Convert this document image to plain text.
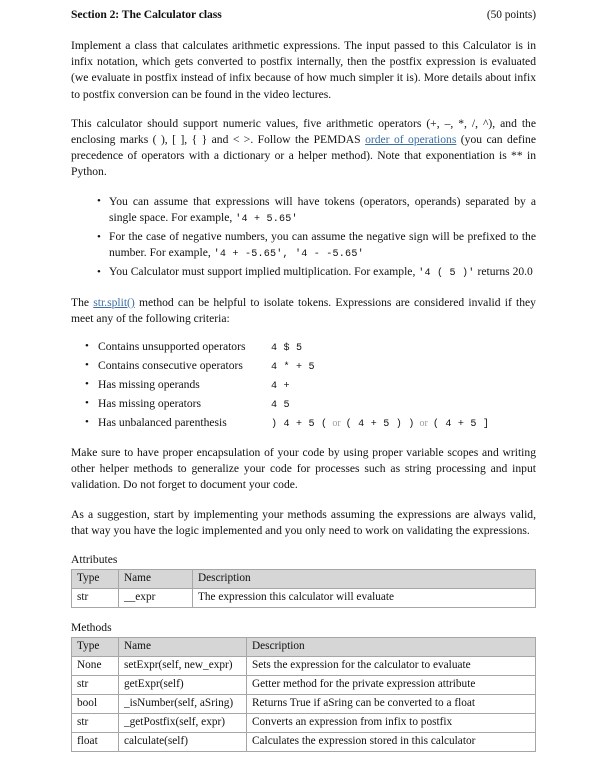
Section 2: The Calculator class	(50 points)

Implement a class that calculates arithmetic expressions. The input passed to this Calculator is in infix notation, which gets converted to postfix internally, then the postfix expression is evaluated (we evaluate in postfix instead of infix because of how much simpler it is). More details about infix to postfix conversion can be found in the video lectures.

This calculator should support numeric values, five arithmetic operators (+, –, *, /, ^), and the enclosing marks ( ), [ ], { } and < >. Follow the PEMDAS order of operations (you can define precedence of operators with a dictionary or a helper method). Note that exponentiation is ** in Python.

• You can assume that expressions will have tokens (operators, operands) separated by a single space. For example, '4 + 5.65'
• For the case of negative numbers, you can assume the negative sign will be prefixed to the number. For example, '4 + -5.65', '4 - -5.65'
• You Calculator must support implied multiplication. For example, '4 ( 5 )' returns 20.0

The str.split() method can be helpful to isolate tokens. Expressions are considered invalid if they meet any of the following criteria:

• Contains unsupported operators	4 $ 5
• Contains consecutive operators	4 * + 5
• Has missing operands	4 +
• Has missing operators	4 5
• Has unbalanced parenthesis	) 4 + 5 ( or ( 4 + 5 ) ) or ( 4 + 5 ]

Make sure to have proper encapsulation of your code by using proper variable scopes and writing other helper methods to generalize your code for processes such as string processing and input validation. Do not forget to document your code.

As a suggestion, start by implementing your methods assuming the expressions are always valid, that way you have the logic implemented and you only need to work on validating the expressions.

Attributes
Type	Name	Description
str	__expr	The expression this calculator will evaluate
Methods
Type	Name	Description
None	setExpr(self, new_expr)	Sets the expression for the calculator to evaluate
str	getExpr(self)	Getter method for the private expression attribute
bool	_isNumber(self, aSring)	Returns True if aSring can be converted to a float
str	_getPostfix(self, expr)	Converts an expression from infix to postfix
float	calculate(self)	Calculates the expression stored in this calculator
